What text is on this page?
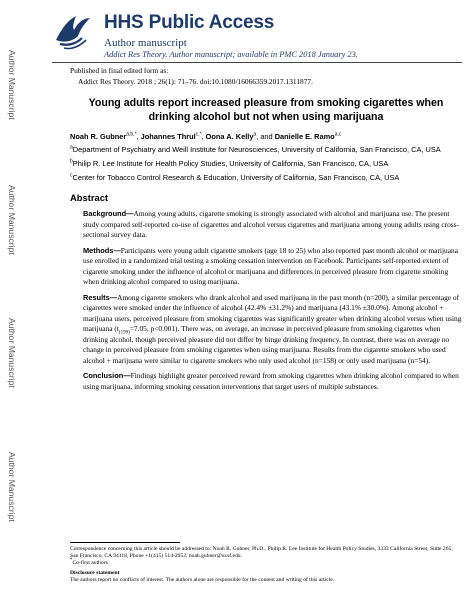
Author Manuscript
Author Manuscript
Author Manuscript
Author Manuscript
HHS Public Access
Author manuscript
Addict Res Theory. Author manuscript; available in PMC 2018 January 23.
Published in final edited form as:
Addict Res Theory. 2018 ; 26(1): 71–76. doi:10.1080/16066359.2017.1311877.
Young adults report increased pleasure from smoking cigarettes when drinking alcohol but not when using marijuana
Noah R. Gubner$^{a,b,*}$, Johannes Thrul$^{c,*}$, Oona A. Kelly$^a$, and Danielle E. Ramo$^{a,c}$
$^a$Department of Psychiatry and Weill Institute for Neurosciences, University of California, San Francisco, CA, USA
$^b$Philip R. Lee Institute for Health Policy Studies, University of California, San Francisco, CA, USA
$^c$Center for Tobacco Control Research & Education, University of California, San Francisco, CA, USA
Abstract

Background—Among young adults, cigarette smoking is strongly associated with alcohol and marijuana use. The present study compared self-reported co-use of cigarettes and alcohol versus cigarettes and marijuana among young adults using cross-sectional survey data.

Methods—Participants were young adult cigarette smokers (age 18 to 25) who also reported past month alcohol or marijuana use enrolled in a randomized trial testing a smoking cessation intervention on Facebook. Participants self-reported extent of cigarette smoking under the influence of alcohol or marijuana and differences in perceived pleasure from cigarette smoking when drinking alcohol compared to using marijuana.

Results—Among cigarette smokers who drank alcohol and used marijuana in the past month (n=200), a similar percentage of cigarettes were smoked under the influence of alcohol (42.4% ±31.2%) and marijuana (43.1% ±30.0%). Among alcohol + marijuana users, perceived pleasure from smoking cigarettes was significantly greater when drinking alcohol versus when using marijuana ($t_{(199)}=7.05$, p<0.001). There was, on average, an increase in perceived pleasure from smoking cigarettes when drinking alcohol, though perceived pleasure did not differ by binge drinking frequency. In contrast, there was on average no change in perceived pleasure from smoking cigarettes when using marijuana. Results from the cigarette smokers who used alcohol + marijuana were similar to cigarette smokers who only used alcohol (n=158) or only used marijuana (n=54).

Conclusion—Findings highlight greater perceived reward from smoking cigarettes when drinking alcohol compared to when using marijuana, informing smoking cessation interventions that target users of multiple substances.

Correspondence concerning this article should be addressed to: Noah R. Gubner, Ph.D., Philip R. Lee Institute for Health Policy Studies, 3333 California Street, Suite 265, San Francisco, CA 94118, Phone +1(415) 514-2952, noah.gubner@ucsf.edu.
*Co-first authors
Disclosure statement
The authors report no conflicts of interest. The authors alone are responsible for the content and writing of this article.
